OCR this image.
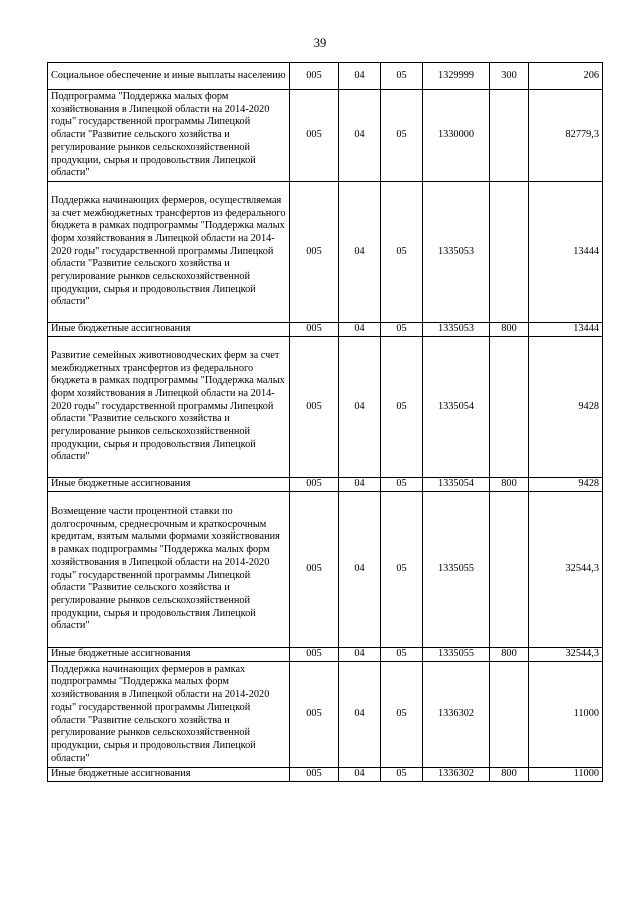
39
Социальное обеспечение и иные выплаты населению	005	04	05	1329999	300	206
Подпрограмма "Поддержка малых форм хозяйствования в Липецкой области на 2014-2020 годы" государственной программы Липецкой области "Развитие сельского хозяйства и регулирование рынков сельскохозяйственной продукции, сырья и продовольствия Липецкой области"	005	04	05	1330000		82779,3
Поддержка начинающих фермеров, осуществляемая за счет межбюджетных трансфертов из федерального бюджета в рамках подпрограммы "Поддержка малых форм хозяйствования в Липецкой области на 2014-2020 годы" государственной программы Липецкой области "Развитие сельского хозяйства и регулирование рынков сельскохозяйственной продукции, сырья и продовольствия Липецкой области"	005	04	05	1335053		13444
Иные бюджетные ассигнования	005	04	05	1335053	800	13444
Развитие семейных животноводческих ферм за счет межбюджетных трансфертов из федерального бюджета в рамках подпрограммы "Поддержка малых форм хозяйствования в Липецкой области на 2014-2020 годы" государственной программы Липецкой области "Развитие сельского хозяйства и регулирование рынков сельскохозяйственной продукции, сырья и продовольствия Липецкой области"	005	04	05	1335054		9428
Иные бюджетные ассигнования	005	04	05	1335054	800	9428
Возмещение части процентной ставки по долгосрочным, среднесрочным и краткосрочным кредитам, взятым малыми формами хозяйствования в рамках подпрограммы "Поддержка малых форм хозяйствования в Липецкой области на 2014-2020 годы" государственной программы Липецкой области "Развитие сельского хозяйства и регулирование рынков сельскохозяйственной продукции, сырья и продовольствия Липецкой области"	005	04	05	1335055		32544,3
Иные бюджетные ассигнования	005	04	05	1335055	800	32544,3
Поддержка начинающих фермеров в рамках подпрограммы "Поддержка малых форм хозяйствования в Липецкой области на 2014-2020 годы" государственной программы Липецкой области "Развитие сельского хозяйства и регулирование рынков сельскохозяйственной продукции, сырья и продовольствия Липецкой области"	005	04	05	1336302		11000
Иные бюджетные ассигнования	005	04	05	1336302	800	11000
